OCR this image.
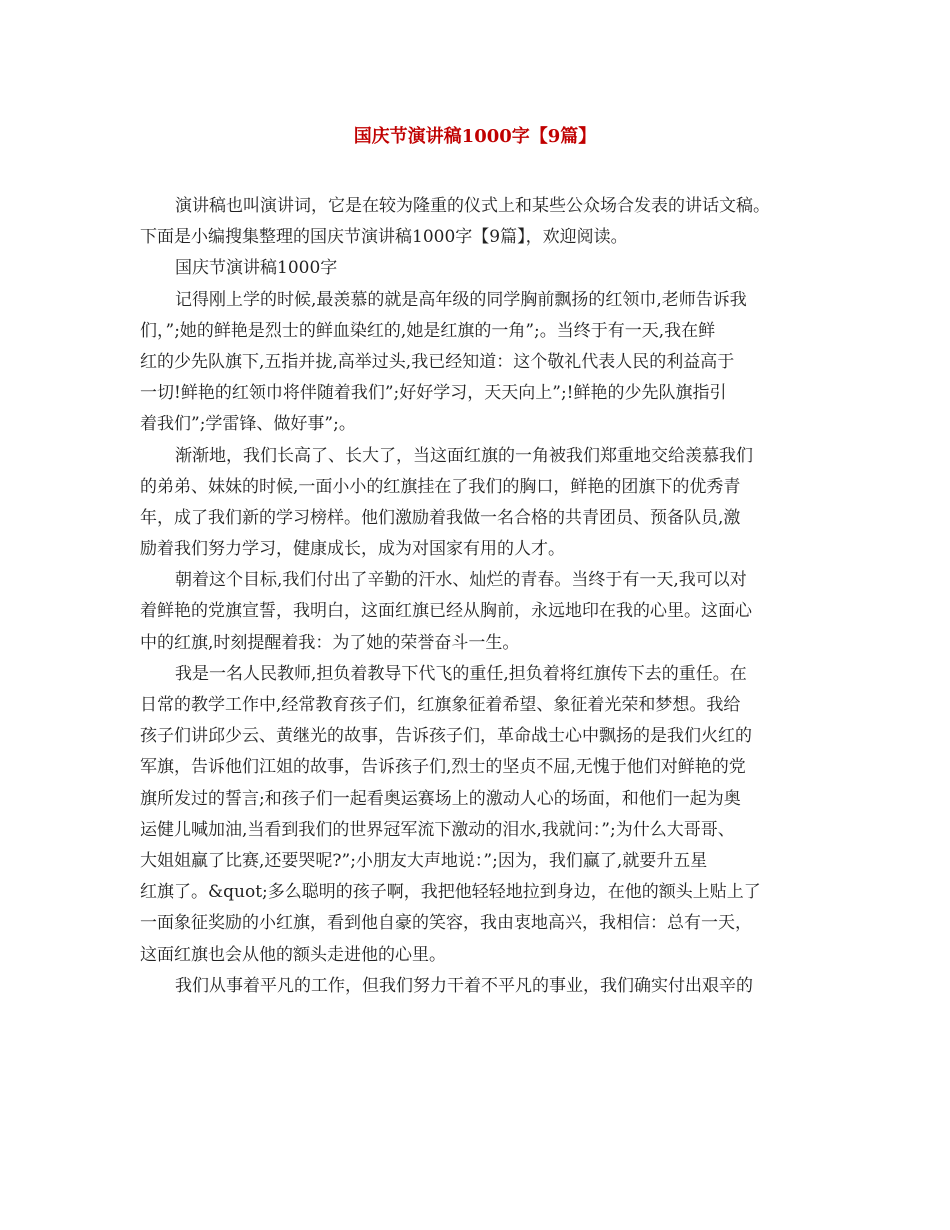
国庆节演讲稿1000字【9篇】
演讲稿也叫演讲词，它是在较为隆重的仪式上和某些公众场合发表的讲话文稿。
下面是小编搜集整理的国庆节演讲稿1000字【9篇】，欢迎阅读。
国庆节演讲稿1000字
记得刚上学的时候,最羡慕的就是高年级的同学胸前飘扬的红领巾,老师告诉我
们，”;她的鲜艳是烈士的鲜血染红的,她是红旗的一角”;。当终于有一天,我在鲜
红的少先队旗下,五指并拢,高举过头,我已经知道：这个敬礼代表人民的利益高于
一切!鲜艳的红领巾将伴随着我们”;好好学习，天天向上”;!鲜艳的少先队旗指引
着我们”;学雷锋、做好事”;。
渐渐地，我们长高了、长大了，当这面红旗的一角被我们郑重地交给羡慕我们
的弟弟、妹妹的时候,一面小小的红旗挂在了我们的胸口，鲜艳的团旗下的优秀青
年，成了我们新的学习榜样。他们激励着我做一名合格的共青团员、预备队员,激
励着我们努力学习，健康成长，成为对国家有用的人才。
朝着这个目标,我们付出了辛勤的汗水、灿烂的青春。当终于有一天,我可以对
着鲜艳的党旗宣誓，我明白，这面红旗已经从胸前，永远地印在我的心里。这面心
中的红旗,时刻提醒着我：为了她的荣誉奋斗一生。
我是一名人民教师,担负着教导下代飞的重任,担负着将红旗传下去的重任。在
日常的教学工作中,经常教育孩子们，红旗象征着希望、象征着光荣和梦想。我给
孩子们讲邱少云、黄继光的故事，告诉孩子们，革命战士心中飘扬的是我们火红的
军旗，告诉他们江姐的故事，告诉孩子们,烈士的坚贞不屈,无愧于他们对鲜艳的党
旗所发过的誓言;和孩子们一起看奥运赛场上的激动人心的场面，和他们一起为奥
运健儿喊加油,当看到我们的世界冠军流下激动的泪水,我就问：”;为什么大哥哥、
大姐姐赢了比赛,还要哭呢?”;小朋友大声地说：”;因为，我们赢了,就要升五星
红旗了。&quot;多么聪明的孩子啊，我把他轻轻地拉到身边，在他的额头上贴上了
一面象征奖励的小红旗，看到他自豪的笑容，我由衷地高兴，我相信：总有一天，
这面红旗也会从他的额头走进他的心里。
我们从事着平凡的工作，但我们努力干着不平凡的事业，我们确实付出艰辛的
